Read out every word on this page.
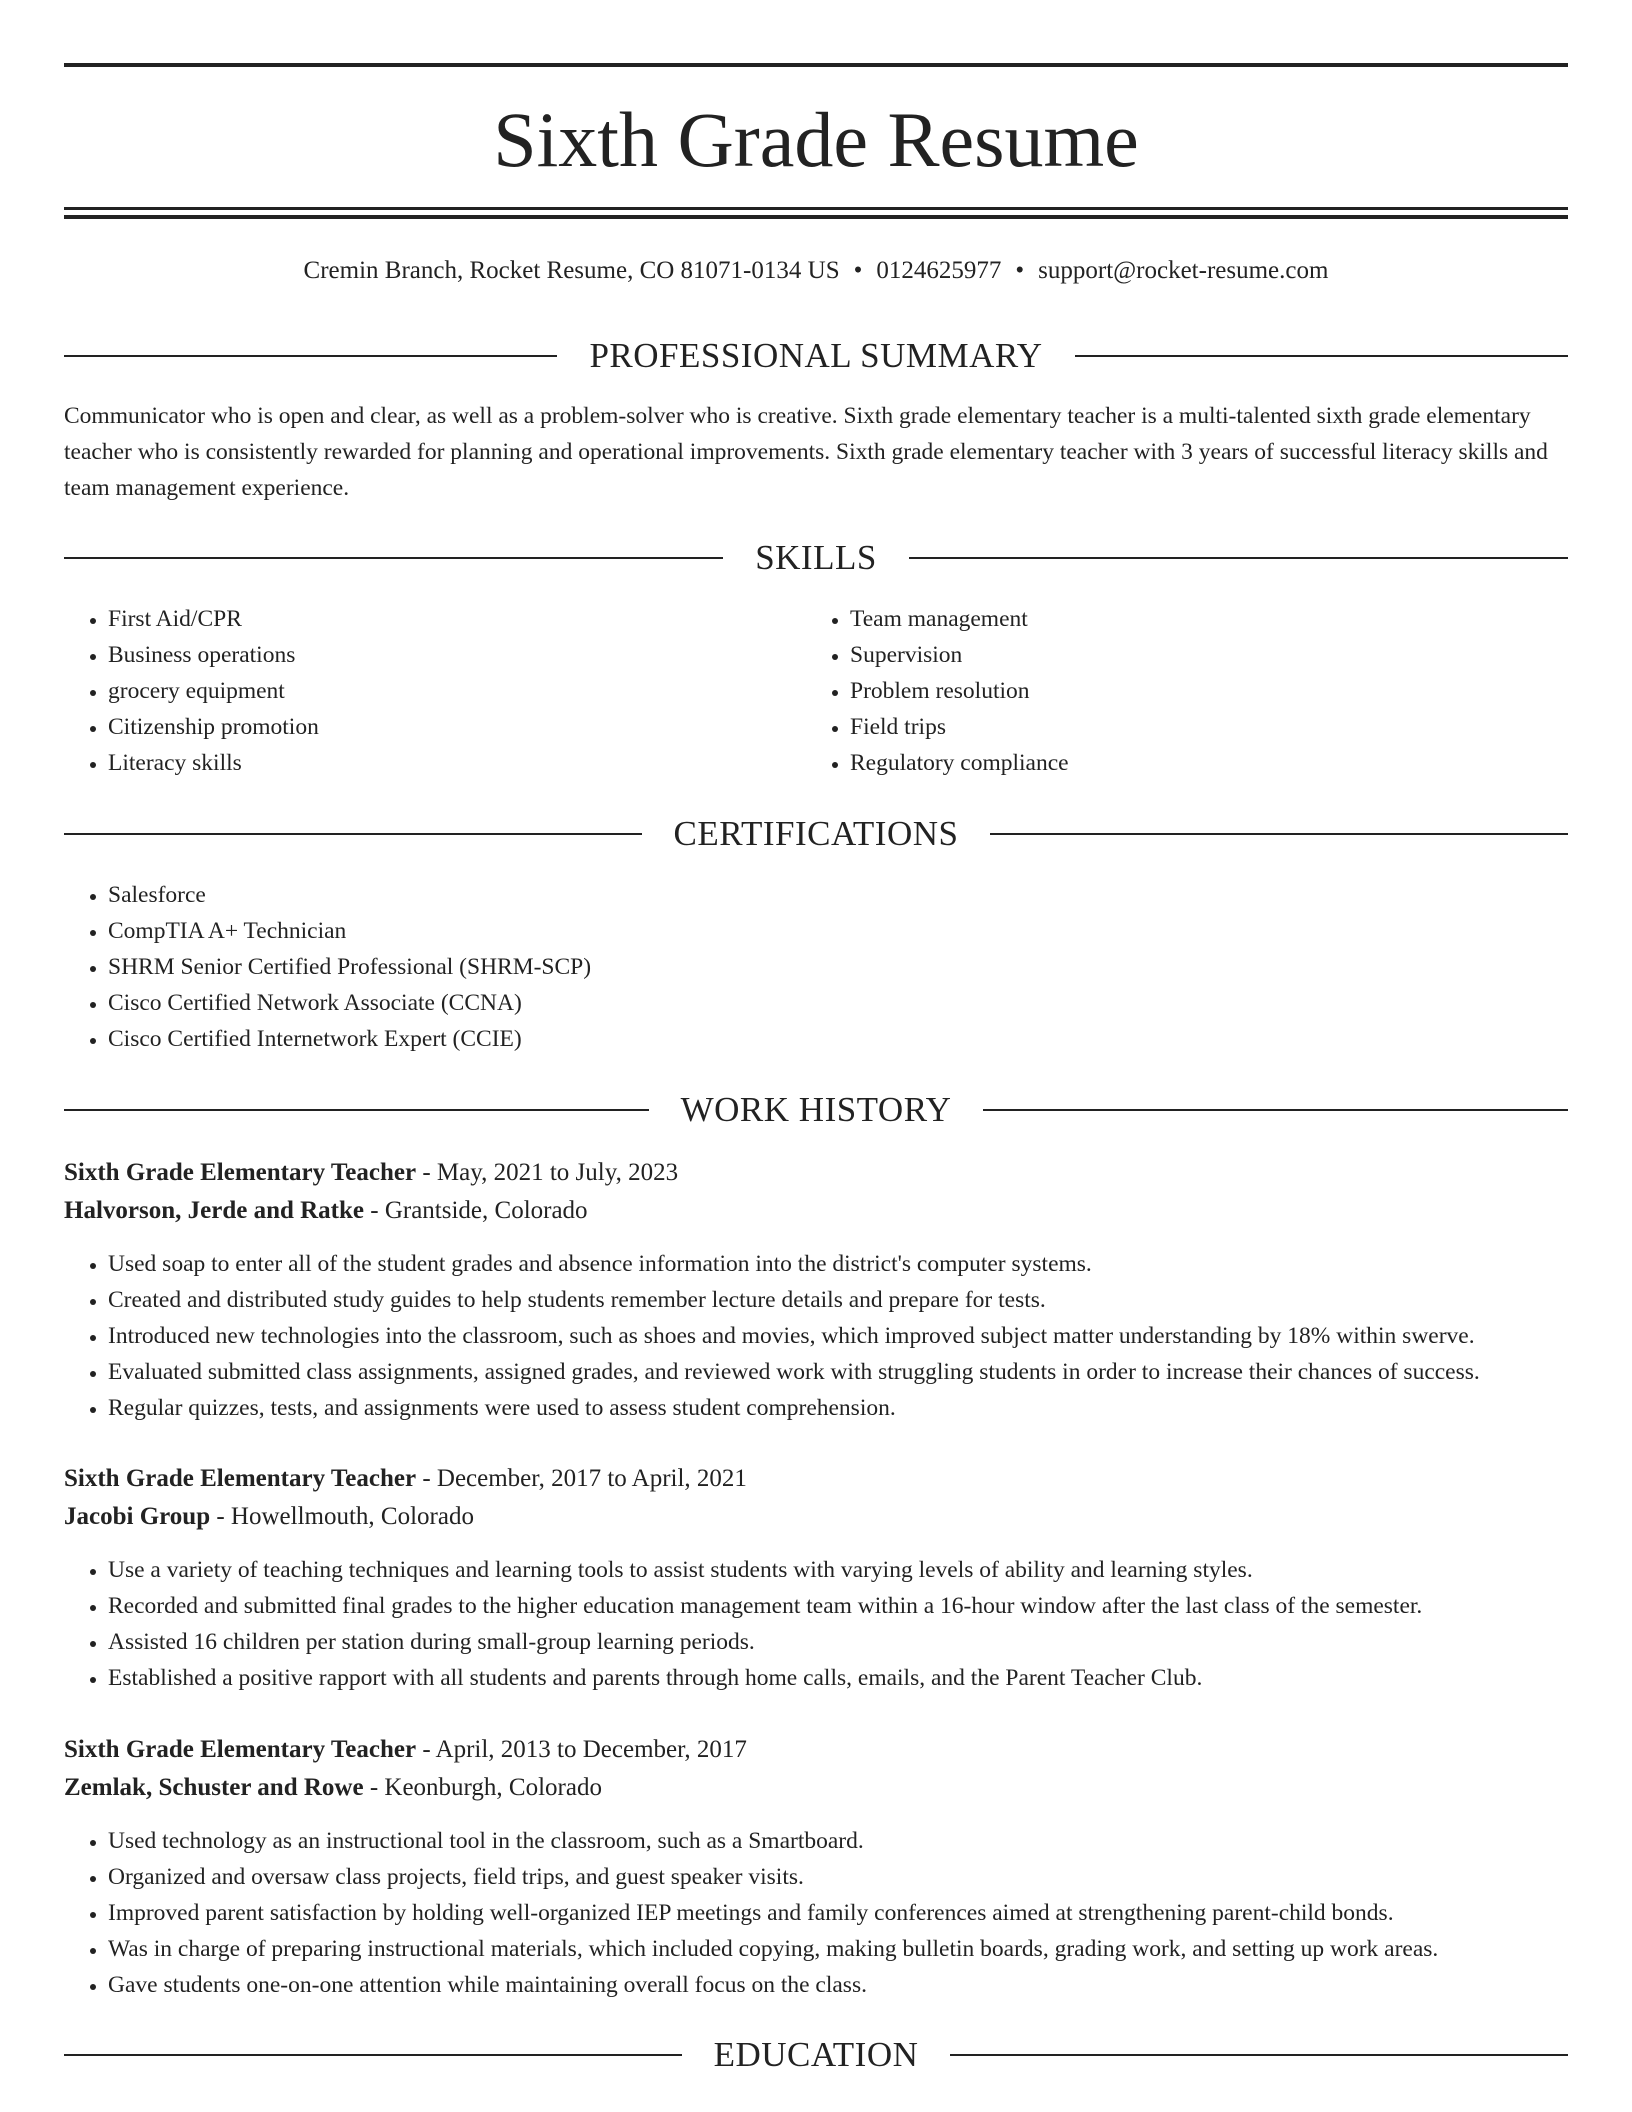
Sixth Grade Resume
Cremin Branch, Rocket Resume, CO 81071-0134 US • 0124625977 • support@rocket-resume.com
PROFESSIONAL SUMMARY

Communicator who is open and clear, as well as a problem-solver who is creative. Sixth grade elementary teacher is a multi-talented sixth grade elementary teacher who is consistently rewarded for planning and operational improvements. Sixth grade elementary teacher with 3 years of successful literacy skills and team management experience.

SKILLS
• First Aid/CPR
• Business operations
• grocery equipment
• Citizenship promotion
• Literacy skills
• Team management
• Supervision
• Problem resolution
• Field trips
• Regulatory compliance
CERTIFICATIONS
• Salesforce
• CompTIA A+ Technician
• SHRM Senior Certified Professional (SHRM-SCP)
• Cisco Certified Network Associate (CCNA)
• Cisco Certified Internetwork Expert (CCIE)
WORK HISTORY
Sixth Grade Elementary Teacher - May, 2021 to July, 2023
Halvorson, Jerde and Ratke - Grantside, Colorado
• Used soap to enter all of the student grades and absence information into the district's computer systems.
• Created and distributed study guides to help students remember lecture details and prepare for tests.
• Introduced new technologies into the classroom, such as shoes and movies, which improved subject matter understanding by 18% within swerve.
• Evaluated submitted class assignments, assigned grades, and reviewed work with struggling students in order to increase their chances of success.
• Regular quizzes, tests, and assignments were used to assess student comprehension.
Sixth Grade Elementary Teacher - December, 2017 to April, 2021
Jacobi Group - Howellmouth, Colorado
• Use a variety of teaching techniques and learning tools to assist students with varying levels of ability and learning styles.
• Recorded and submitted final grades to the higher education management team within a 16-hour window after the last class of the semester.
• Assisted 16 children per station during small-group learning periods.
• Established a positive rapport with all students and parents through home calls, emails, and the Parent Teacher Club.
Sixth Grade Elementary Teacher - April, 2013 to December, 2017
Zemlak, Schuster and Rowe - Keonburgh, Colorado
• Used technology as an instructional tool in the classroom, such as a Smartboard.
• Organized and oversaw class projects, field trips, and guest speaker visits.
• Improved parent satisfaction by holding well-organized IEP meetings and family conferences aimed at strengthening parent-child bonds.
• Was in charge of preparing instructional materials, which included copying, making bulletin boards, grading work, and setting up work areas.
• Gave students one-on-one attention while maintaining overall focus on the class.
EDUCATION
